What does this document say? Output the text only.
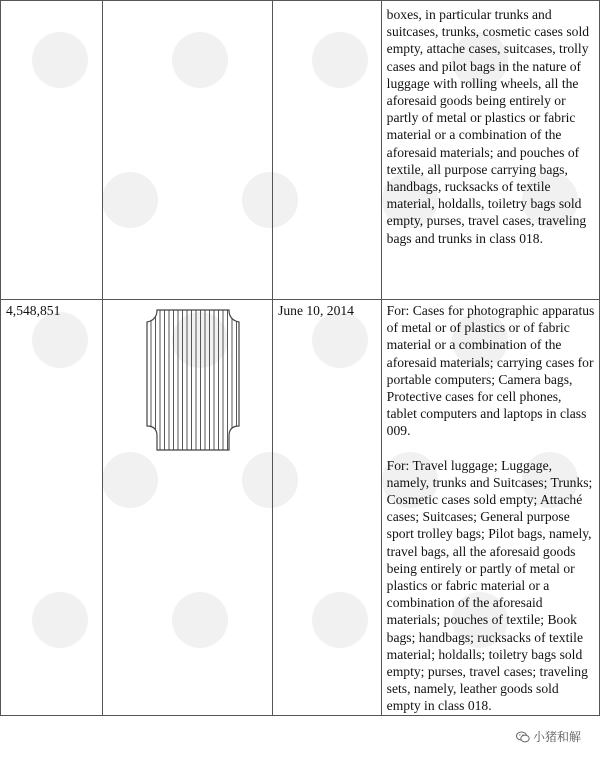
			boxes, in particular trunks and suitcases, trunks, cosmetic cases sold empty, attache cases, suitcases, trolly cases and pilot bags in the nature of luggage with rolling wheels, all the aforesaid goods being entirely or partly of metal or plastics or fabric material or a combination of the aforesaid materials; and pouches of textile, all purpose carrying bags, handbags, rucksacks of textile material, holdalls, toiletry bags sold empty, purses, travel cases, traveling bags and trunks in class 018.

4,548,851		June 10, 2014	For: Cases for photographic apparatus of metal or of plastics or of fabric material or a combination of the aforesaid materials; carrying cases for portable computers; Camera bags, Protective cases for cell phones, tablet computers and laptops in class 009.

For: Travel luggage; Luggage, namely, trunks and Suitcases; Trunks; Cosmetic cases sold empty; Attaché cases; Suitcases; General purpose sport trolley bags; Pilot bags, namely, travel bags, all the aforesaid goods being entirely or partly of metal or plastics or fabric material or a combination of the aforesaid materials; pouches of textile; Book bags; handbags; rucksacks of textile material; holdalls; toiletry bags sold empty; purses, travel cases; traveling sets, namely, leather goods sold empty in class 018.

小猪和解
